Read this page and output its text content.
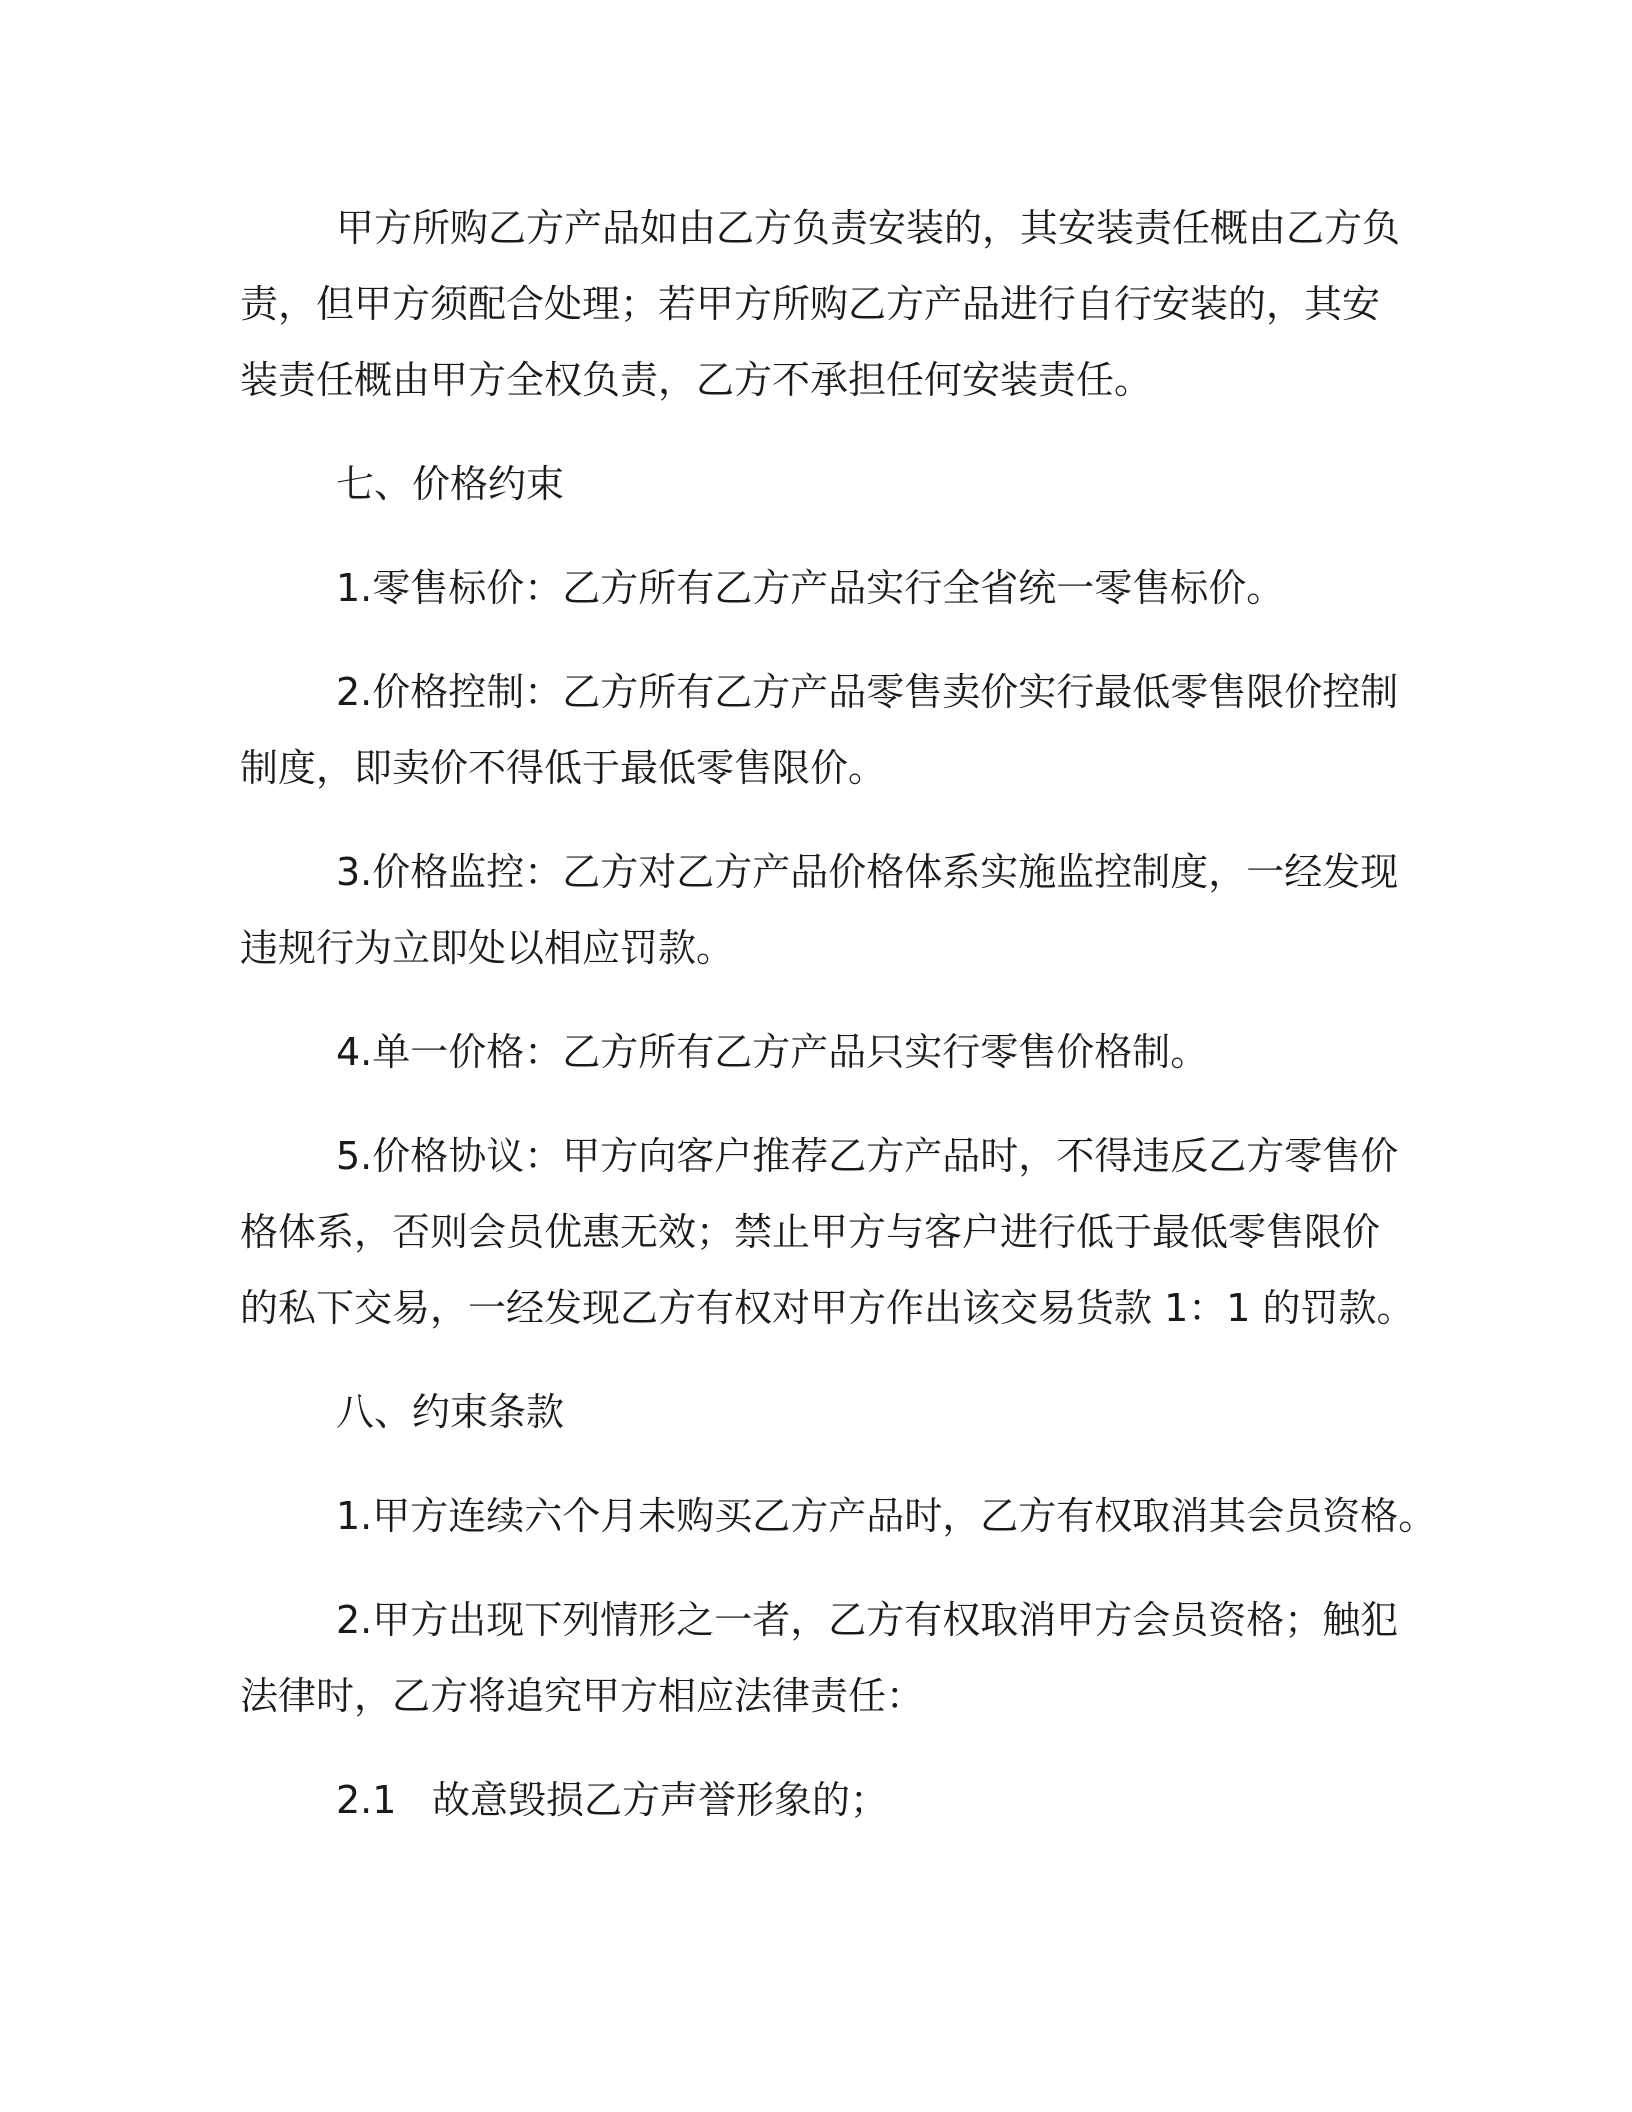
甲方所购乙方产品如由乙方负责安装的，其安装责任概由乙方负
责，但甲方须配合处理；若甲方所购乙方产品进行自行安装的，其安
装责任概由甲方全权负责，乙方不承担任何安装责任。

七、价格约束

1.零售标价：乙方所有乙方产品实行全省统一零售标价。

2.价格控制：乙方所有乙方产品零售卖价实行最低零售限价控制
制度，即卖价不得低于最低零售限价。

3.价格监控：乙方对乙方产品价格体系实施监控制度，一经发现
违规行为立即处以相应罚款。

4.单一价格：乙方所有乙方产品只实行零售价格制。

5.价格协议：甲方向客户推荐乙方产品时，不得违反乙方零售价
格体系，否则会员优惠无效；禁止甲方与客户进行低于最低零售限价
的私下交易，一经发现乙方有权对甲方作出该交易货款 1：1 的罚款。

八、约束条款

1.甲方连续六个月未购买乙方产品时，乙方有权取消其会员资格。

2.甲方出现下列情形之一者，乙方有权取消甲方会员资格；触犯
法律时，乙方将追究甲方相应法律责任：

2.1 故意毁损乙方声誉形象的；
